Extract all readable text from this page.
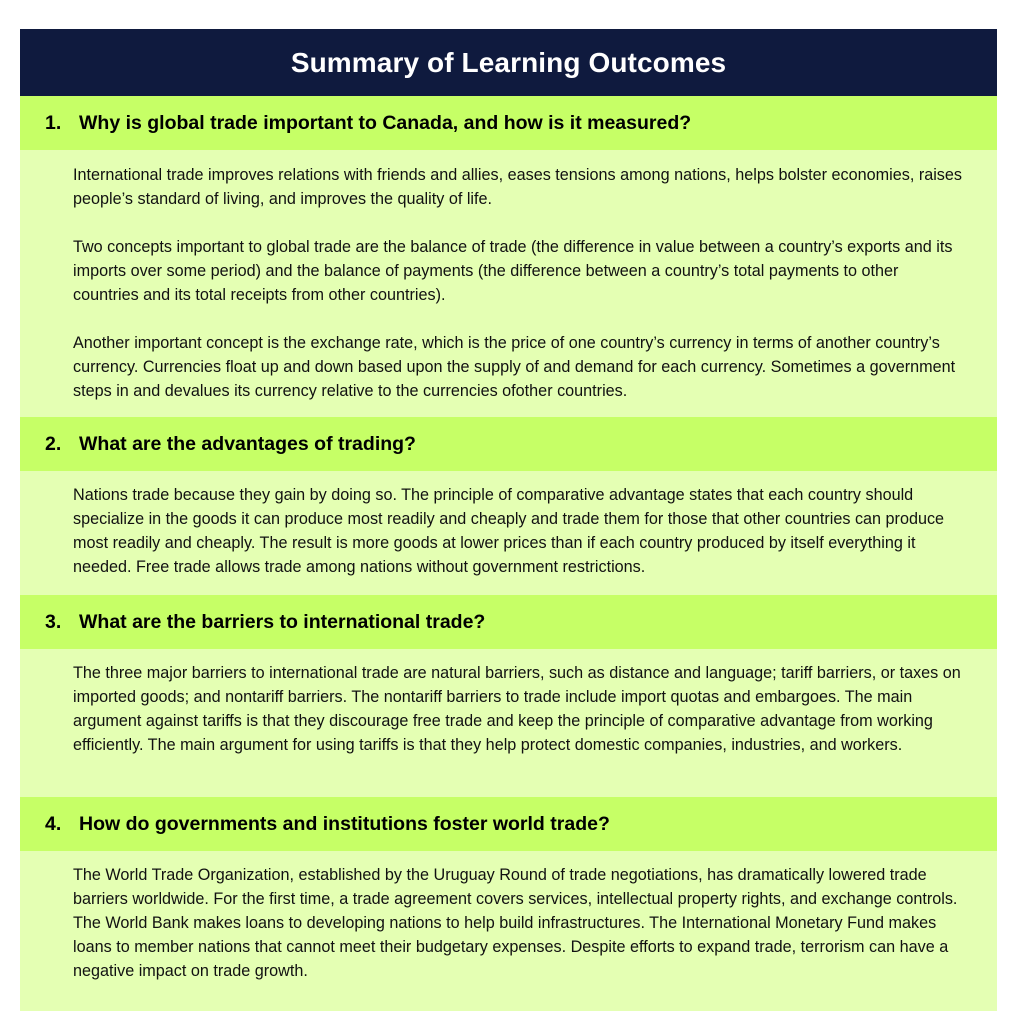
Summary of Learning Outcomes
1. Why is global trade important to Canada, and how is it measured?

International trade improves relations with friends and allies, eases tensions among nations, helps bolster economies, raises people’s standard of living, and improves the quality of life.

Two concepts important to global trade are the balance of trade (the difference in value between a country’s exports and its imports over some period) and the balance of payments (the difference between a country’s total payments to other countries and its total receipts from other countries).

Another important concept is the exchange rate, which is the price of one country’s currency in terms of another country’s currency. Currencies float up and down based upon the supply of and demand for each currency. Sometimes a government steps in and devalues its currency relative to the currencies ofother countries.

2. What are the advantages of trading?

Nations trade because they gain by doing so. The principle of comparative advantage states that each country should specialize in the goods it can produce most readily and cheaply and trade them for those that other countries can produce most readily and cheaply. The result is more goods at lower prices than if each country produced by itself everything it needed. Free trade allows trade among nations without government restrictions.

3. What are the barriers to international trade?

The three major barriers to international trade are natural barriers, such as distance and language; tariff barriers, or taxes on imported goods; and nontariff barriers. The nontariff barriers to trade include import quotas and embargoes. The main argument against tariffs is that they discourage free trade and keep the principle of comparative advantage from working efficiently. The main argument for using tariffs is that they help protect domestic companies, industries, and workers.

4. How do governments and institutions foster world trade?

The World Trade Organization, established by the Uruguay Round of trade negotiations, has dramatically lowered trade barriers worldwide. For the first time, a trade agreement covers services, intellectual property rights, and exchange controls. The World Bank makes loans to developing nations to help build infrastructures. The International Monetary Fund makes loans to member nations that cannot meet their budgetary expenses. Despite efforts to expand trade, terrorism can have a negative impact on trade growth.
